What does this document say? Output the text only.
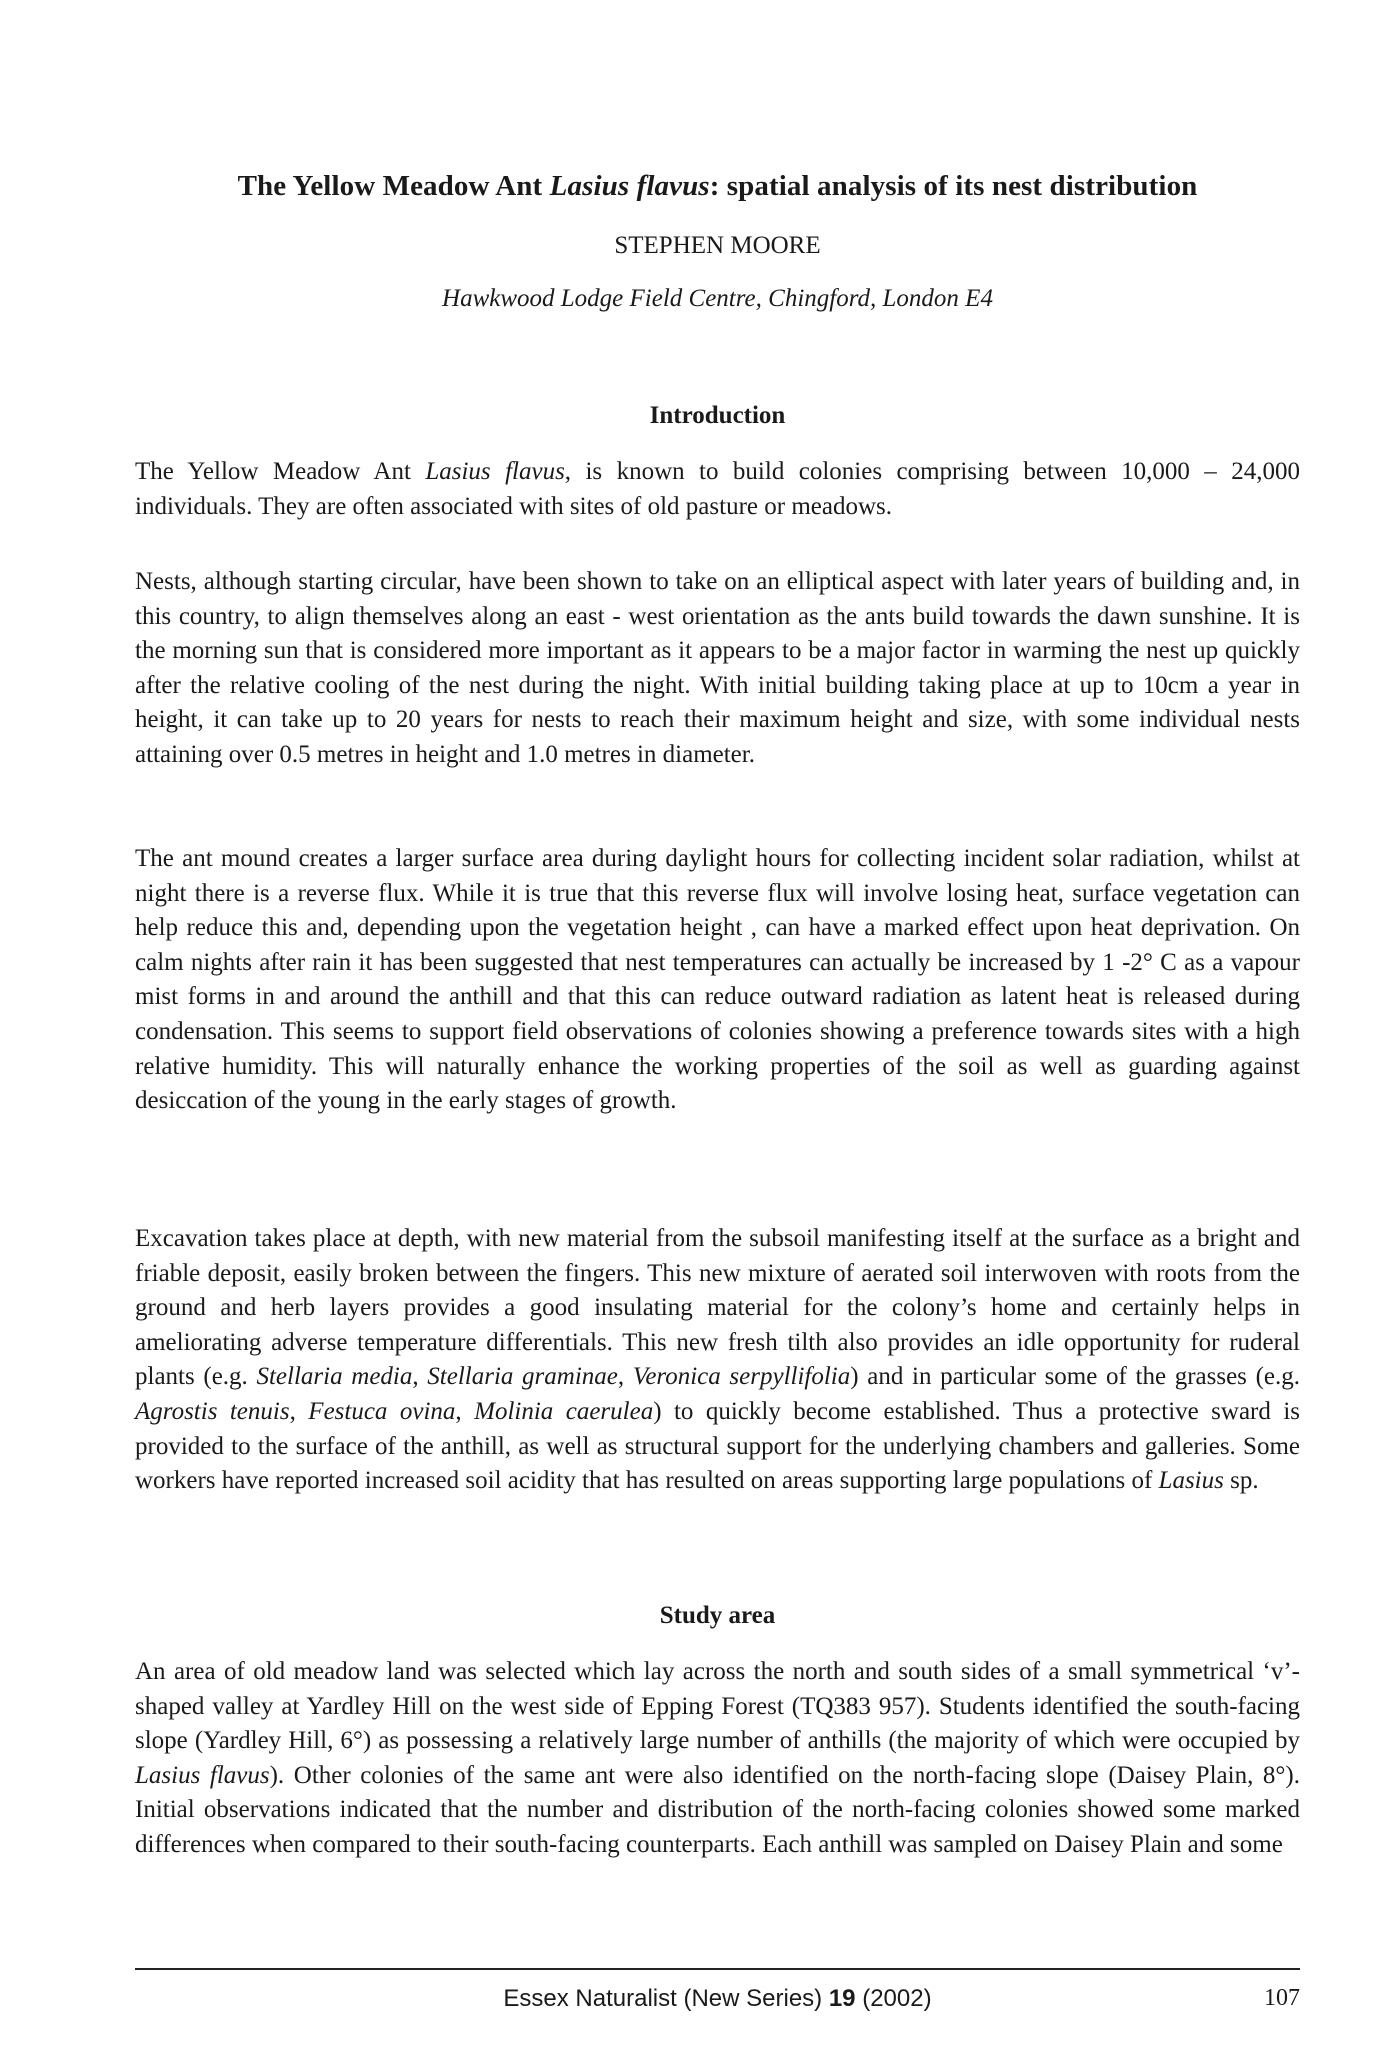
The Yellow Meadow Ant Lasius flavus: spatial analysis of its nest distribution
STEPHEN MOORE
Hawkwood Lodge Field Centre, Chingford, London E4
Introduction

The Yellow Meadow Ant Lasius flavus, is known to build colonies comprising between 10,000 – 24,000 individuals. They are often associated with sites of old pasture or meadows.

Nests, although starting circular, have been shown to take on an elliptical aspect with later years of building and, in this country, to align themselves along an east - west orientation as the ants build towards the dawn sunshine. It is the morning sun that is considered more important as it appears to be a major factor in warming the nest up quickly after the relative cooling of the nest during the night. With initial building taking place at up to 10cm a year in height, it can take up to 20 years for nests to reach their maximum height and size, with some individual nests attaining over 0.5 metres in height and 1.0 metres in diameter.

The ant mound creates a larger surface area during daylight hours for collecting incident solar radiation, whilst at night there is a reverse flux. While it is true that this reverse flux will involve losing heat, surface vegetation can help reduce this and, depending upon the vegetation height , can have a marked effect upon heat deprivation. On calm nights after rain it has been suggested that nest temperatures can actually be increased by 1 -2° C as a vapour mist forms in and around the anthill and that this can reduce outward radiation as latent heat is released during condensation. This seems to support field observations of colonies showing a preference towards sites with a high relative humidity. This will naturally enhance the working properties of the soil as well as guarding against desiccation of the young in the early stages of growth.

Excavation takes place at depth, with new material from the subsoil manifesting itself at the surface as a bright and friable deposit, easily broken between the fingers. This new mixture of aerated soil interwoven with roots from the ground and herb layers provides a good insulating material for the colony’s home and certainly helps in ameliorating adverse temperature differentials. This new fresh tilth also provides an idle opportunity for ruderal plants (e.g. Stellaria media, Stellaria graminae, Veronica serpyllifolia) and in particular some of the grasses (e.g. Agrostis tenuis, Festuca ovina, Molinia caerulea) to quickly become established. Thus a protective sward is provided to the surface of the anthill, as well as structural support for the underlying chambers and galleries. Some workers have reported increased soil acidity that has resulted on areas supporting large populations of Lasius sp.

Study area

An area of old meadow land was selected which lay across the north and south sides of a small symmetrical ‘v’-shaped valley at Yardley Hill on the west side of Epping Forest (TQ383 957). Students identified the south-facing slope (Yardley Hill, 6°) as possessing a relatively large number of anthills (the majority of which were occupied by Lasius flavus). Other colonies of the same ant were also identified on the north-facing slope (Daisey Plain, 8°). Initial observations indicated that the number and distribution of the north-facing colonies showed some marked differences when compared to their south-facing counterparts. Each anthill was sampled on Daisey Plain and some

Essex Naturalist (New Series) 19 (2002)	107
